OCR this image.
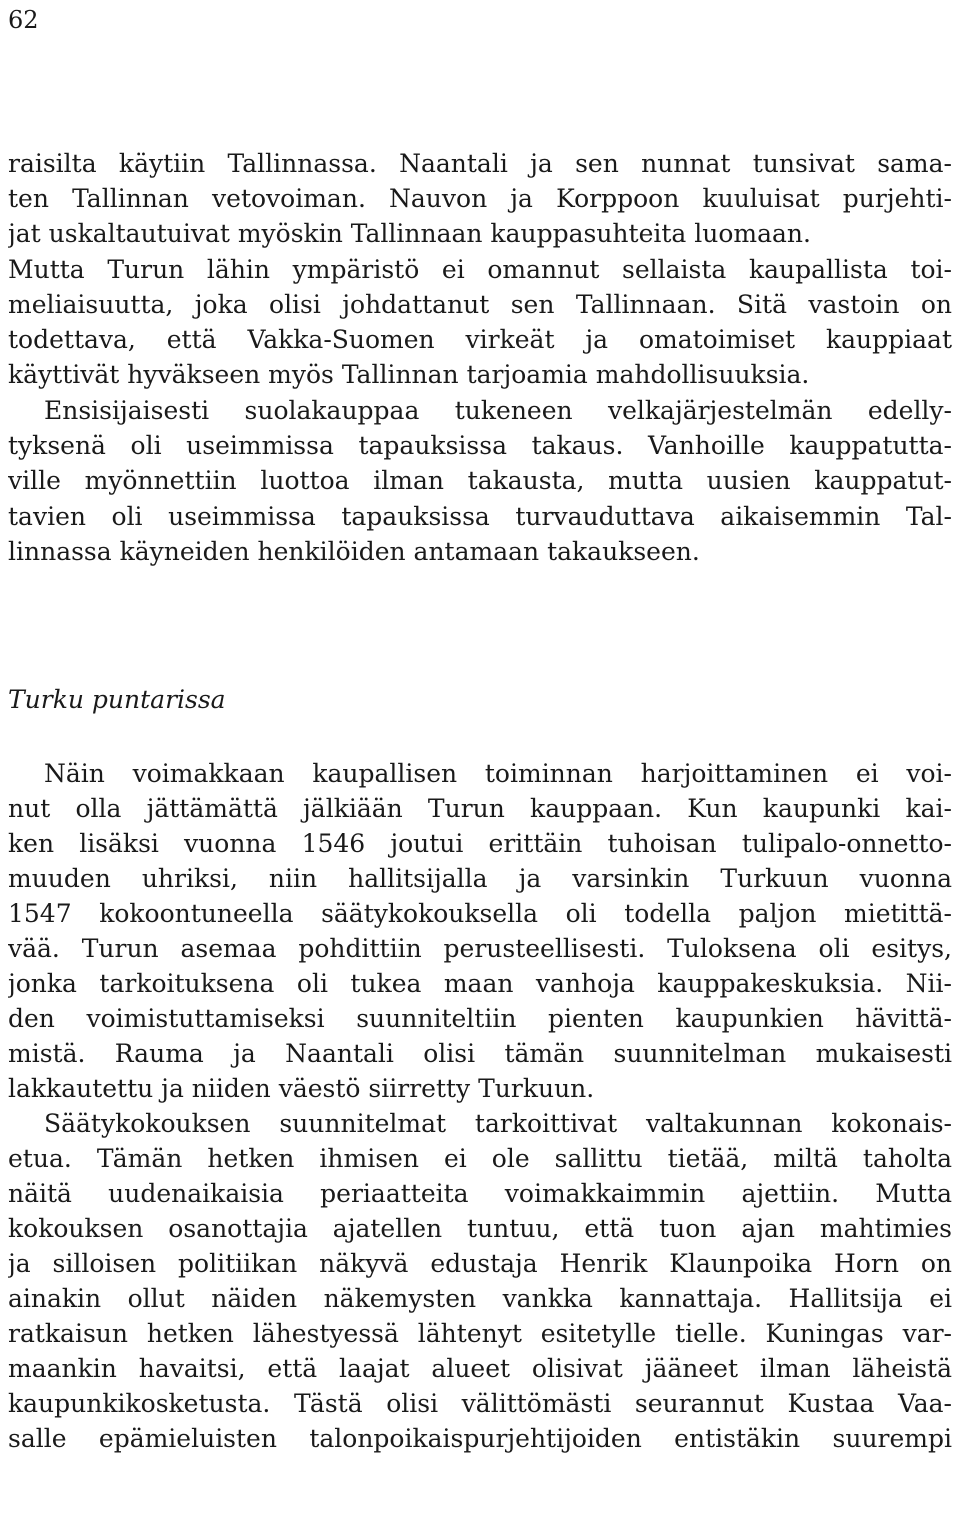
62
raisilta käytiin Tallinnassa. Naantali ja sen nunnat tunsivat sama-
ten Tallinnan vetovoiman. Nauvon ja Korppoon kuuluisat purjehti-
jat uskaltautuivat myöskin Tallinnaan kauppasuhteita luomaan.
Mutta Turun lähin ympäristö ei omannut sellaista kaupallista toi-
meliaisuutta, joka olisi johdattanut sen Tallinnaan. Sitä vastoin on
todettava, että Vakka-Suomen virkeät ja omatoimiset kauppiaat
käyttivät hyväkseen myös Tallinnan tarjoamia mahdollisuuksia.
Ensisijaisesti suolakauppaa tukeneen velkajärjestelmän edelly-
tyksenä oli useimmissa tapauksissa takaus. Vanhoille kauppatutta-
ville myönnettiin luottoa ilman takausta, mutta uusien kauppatut-
tavien oli useimmissa tapauksissa turvauduttava aikaisemmin Tal-
linnassa käyneiden henkilöiden antamaan takaukseen.
Turku puntarissa
Näin voimakkaan kaupallisen toiminnan harjoittaminen ei voi-
nut olla jättämättä jälkiään Turun kauppaan. Kun kaupunki kai-
ken lisäksi vuonna 1546 joutui erittäin tuhoisan tulipalo-onnetto-
muuden uhriksi, niin hallitsijalla ja varsinkin Turkuun vuonna
1547 kokoontuneella säätykokouksella oli todella paljon mietittä-
vää. Turun asemaa pohdittiin perusteellisesti. Tuloksena oli esitys,
jonka tarkoituksena oli tukea maan vanhoja kauppakeskuksia. Nii-
den voimistuttamiseksi suunniteltiin pienten kaupunkien hävittä-
mistä. Rauma ja Naantali olisi tämän suunnitelman mukaisesti
lakkautettu ja niiden väestö siirretty Turkuun.
Säätykokouksen suunnitelmat tarkoittivat valtakunnan kokonais-
etua. Tämän hetken ihmisen ei ole sallittu tietää, miltä taholta
näitä uudenaikaisia periaatteita voimakkaimmin ajettiin. Mutta
kokouksen osanottajia ajatellen tuntuu, että tuon ajan mahtimies
ja silloisen politiikan näkyvä edustaja Henrik Klaunpoika Horn on
ainakin ollut näiden näkemysten vankka kannattaja. Hallitsija ei
ratkaisun hetken lähestyessä lähtenyt esitetylle tielle. Kuningas var-
maankin havaitsi, että laajat alueet olisivat jääneet ilman läheistä
kaupunkikosketusta. Tästä olisi välittömästi seurannut Kustaa Vaa-
salle epämieluisten talonpoikaispurjehtijoiden entistäkin suurempi
